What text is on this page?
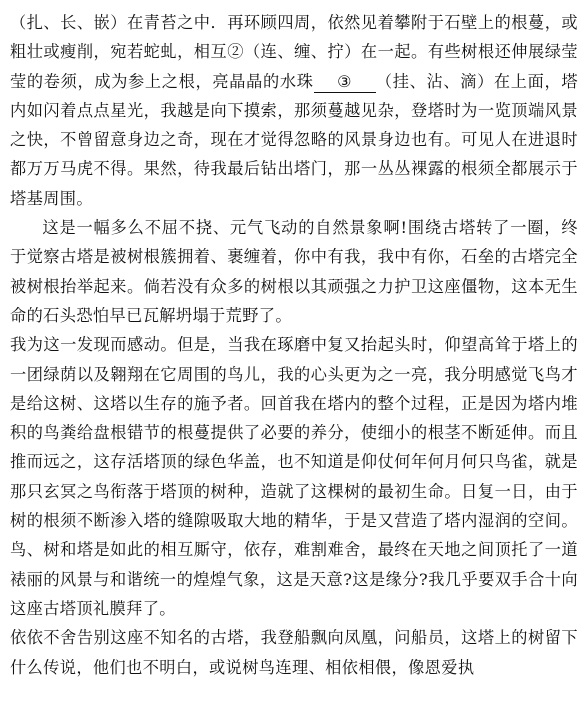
（扎、长、嵌）在青苔之中．再环顾四周，依然见着攀附于石壁上的根蔓，或粗壮或瘦削，宛若蛇虬，相互②（连、缠、拧）在一起。有些树根还伸展绿莹莹的卷须，成为参上之根，亮晶晶的水珠 ③ （挂、沾、滴）在上面，塔内如闪着点点星光，我越是向下摸索，那须蔓越见杂，登塔时为一览顶端风景之快，不曾留意身边之奇，现在才觉得忽略的风景身边也有。可见人在进退时都万万马虎不得。果然，待我最后钻出塔门，那一丛丛裸露的根须全都展示于塔基周围。

这是一幅多么不屈不挠、元气飞动的自然景象啊!围绕古塔转了一圈，终于觉察古塔是被树根簇拥着、裹缠着，你中有我，我中有你，石垒的古塔完全被树根抬举起来。倘若没有众多的树根以其顽强之力护卫这座僵物，这本无生命的石头恐怕早已瓦解坍塌于荒野了。

我为这一发现而感动。但是，当我在琢磨中复又抬起头时，仰望高耸于塔上的一团绿荫以及翱翔在它周围的鸟儿，我的心头更为之一亮，我分明感觉飞鸟才是给这树、这塔以生存的施予者。回首我在塔内的整个过程，正是因为塔内堆积的鸟粪给盘根错节的根蔓提供了必要的养分，使细小的根茎不断延伸。而且推而远之，这存活塔顶的绿色华盖，也不知道是仰仗何年何月何只鸟雀，就是那只玄冥之鸟衔落于塔顶的树种，造就了这棵树的最初生命。日复一日，由于树的根须不断渗入塔的缝隙吸取大地的精华，于是又营造了塔内湿润的空间。鸟、树和塔是如此的相互厮守，依存，难割难舍，最终在天地之间顶托了一道裱丽的风景与和谐统一的煌煌气象，这是天意?这是缘分?我几乎要双手合十向这座古塔顶礼膜拜了。

依依不舍告别这座不知名的古塔，我登船飘向凤凰，问船员，这塔上的树留下什么传说，他们也不明白，或说树鸟连理、相依相偎，像恩爱执
